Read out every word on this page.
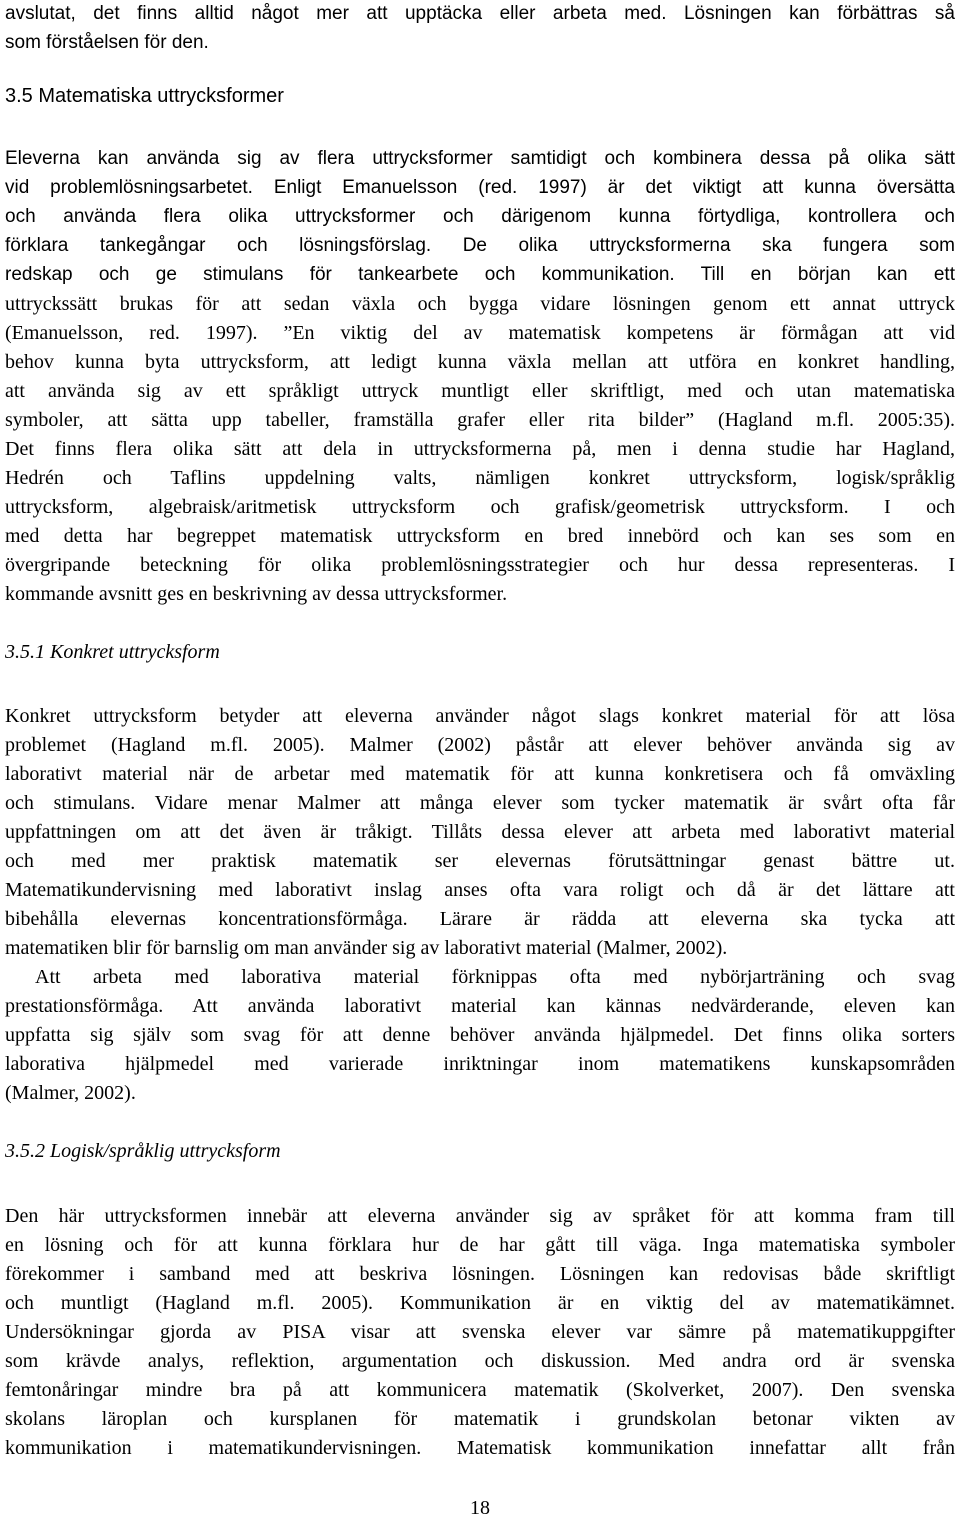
avslutat, det finns alltid något mer att upptäcka eller arbeta med. Lösningen kan förbättras så
som förståelsen för den.
3.5 Matematiska uttrycksformer
Eleverna kan använda sig av flera uttrycksformer samtidigt och kombinera dessa på olika sätt
vid problemlösningsarbetet. Enligt Emanuelsson (red. 1997) är det viktigt att kunna översätta
och använda flera olika uttrycksformer och därigenom kunna förtydliga, kontrollera och
förklara tankegångar och lösningsförslag. De olika uttrycksformerna ska fungera som
redskap och ge stimulans för tankearbete och kommunikation. Till en början kan ett
uttryckssätt brukas för att sedan växla och bygga vidare lösningen genom ett annat uttryck
(Emanuelsson, red. 1997). ”En viktig del av matematisk kompetens är förmågan att vid
behov kunna byta uttrycksform, att ledigt kunna växla mellan att utföra en konkret handling,
att använda sig av ett språkligt uttryck muntligt eller skriftligt, med och utan matematiska
symboler, att sätta upp tabeller, framställa grafer eller rita bilder” (Hagland m.fl. 2005:35).
Det finns flera olika sätt att dela in uttrycksformerna på, men i denna studie har Hagland,
Hedrén och Taflins uppdelning valts, nämligen konkret uttrycksform, logisk/språklig
uttrycksform, algebraisk/aritmetisk uttrycksform och grafisk/geometrisk uttrycksform. I och
med detta har begreppet matematisk uttrycksform en bred innebörd och kan ses som en
övergripande beteckning för olika problemlösningsstrategier och hur dessa representeras. I
kommande avsnitt ges en beskrivning av dessa uttrycksformer.
3.5.1 Konkret uttrycksform
Konkret uttrycksform betyder att eleverna använder något slags konkret material för att lösa
problemet (Hagland m.fl. 2005). Malmer (2002) påstår att elever behöver använda sig av
laborativt material när de arbetar med matematik för att kunna konkretisera och få omväxling
och stimulans. Vidare menar Malmer att många elever som tycker matematik är svårt ofta får
uppfattningen om att det även är tråkigt. Tillåts dessa elever att arbeta med laborativt material
och med mer praktisk matematik ser elevernas förutsättningar genast bättre ut.
Matematikundervisning med laborativt inslag anses ofta vara roligt och då är det lättare att
bibehålla elevernas koncentrationsförmåga. Lärare är rädda att eleverna ska tycka att
matematiken blir för barnslig om man använder sig av laborativt material (Malmer, 2002).
Att arbeta med laborativa material förknippas ofta med nybörjarträning och svag
prestationsförmåga. Att använda laborativt material kan kännas nedvärderande, eleven kan
uppfatta sig själv som svag för att denne behöver använda hjälpmedel. Det finns olika sorters
laborativa hjälpmedel med varierade inriktningar inom matematikens kunskapsområden
(Malmer, 2002).
3.5.2 Logisk/språklig uttrycksform
Den här uttrycksformen innebär att eleverna använder sig av språket för att komma fram till
en lösning och för att kunna förklara hur de har gått till väga. Inga matematiska symboler
förekommer i samband med att beskriva lösningen. Lösningen kan redovisas både skriftligt
och muntligt (Hagland m.fl. 2005). Kommunikation är en viktig del av matematikämnet.
Undersökningar gjorda av PISA visar att svenska elever var sämre på matematikuppgifter
som krävde analys, reflektion, argumentation och diskussion. Med andra ord är svenska
femtonåringar mindre bra på att kommunicera matematik (Skolverket, 2007). Den svenska
skolans läroplan och kursplanen för matematik i grundskolan betonar vikten av
kommunikation i matematikundervisningen. Matematisk kommunikation innefattar allt från
18
